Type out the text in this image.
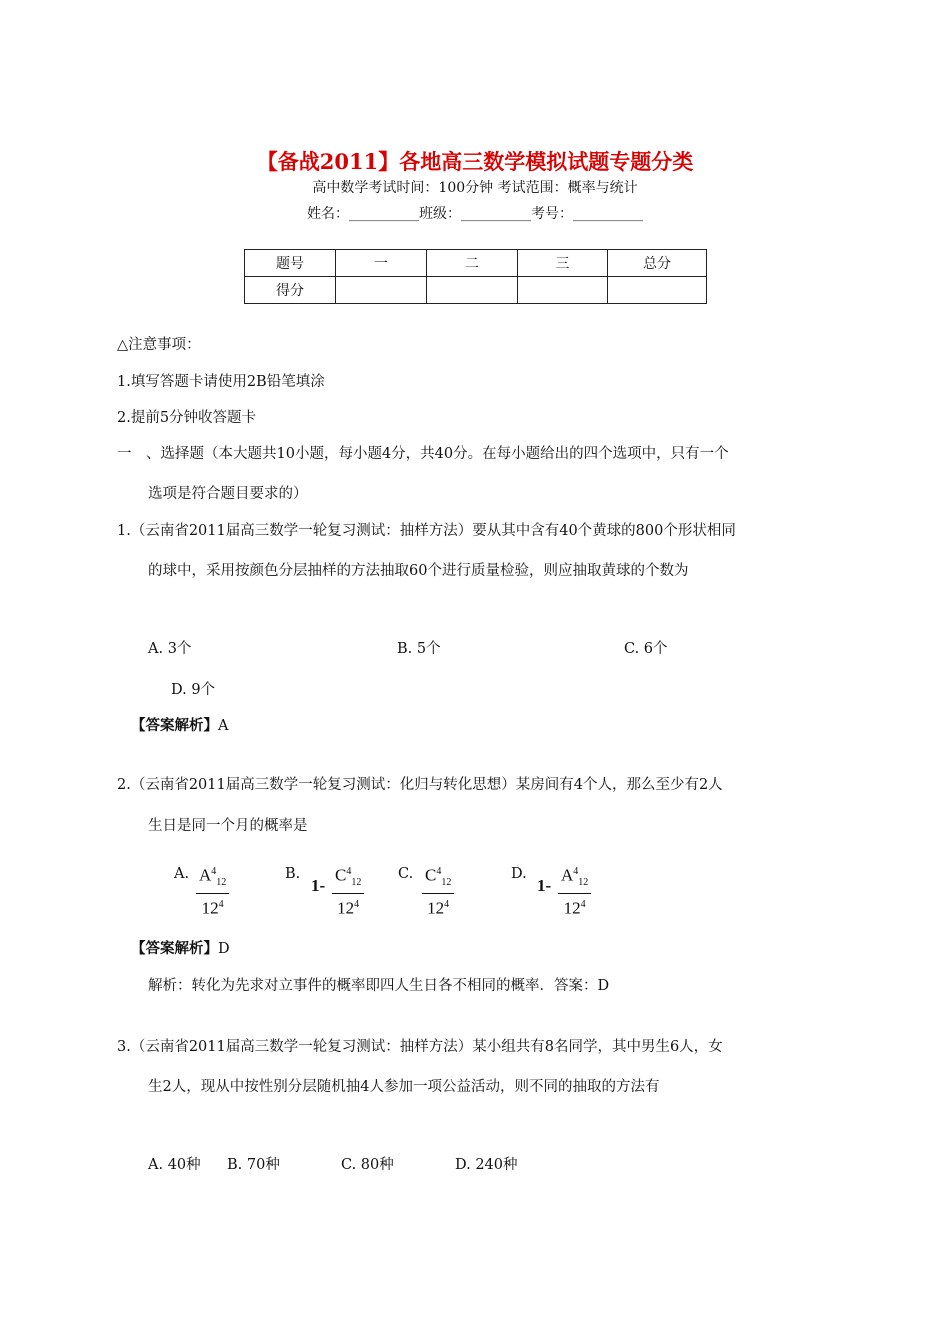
【备战2011】各地高三数学模拟试题专题分类
高中数学考试时间：100分钟 考试范围：概率与统计
姓名：__________班级：__________考号：__________
题号	一	二	三	总分
得分				
△注意事项：
1.填写答题卡请使用2B铅笔填涂
2.提前5分钟收答题卡
一　、选择题（本大题共10小题，每小题4分，共40分。在每小题给出的四个选项中，只有一个
选项是符合题目要求的）
1.（云南省2011届高三数学一轮复习测试：抽样方法）要从其中含有40个黄球的800个形状相同
的球中，采用按颜色分层抽样的方法抽取60个进行质量检验，则应抽取黄球的个数为
A. 3个	B. 5个	C. 6个
D. 9个
【答案解析】A
2.（云南省2011届高三数学一轮复习测试：化归与转化思想）某房间有4个人，那么至少有2人
生日是同一个月的概率是
A. $\frac{A^4_{12}}{12^4}$	B.
$1- \frac{C^4_{12}}{12^4} C$. $\frac{C^4_{12}}{12^4}$	D.
$1- \frac{A^4_{12}}{12^4}$
【答案解析】D
解析：转化为先求对立事件的概率即四人生日各不相同的概率．答案：D
3.（云南省2011届高三数学一轮复习测试：抽样方法）某小组共有8名同学，其中男生6人，女
生2人，现从中按性别分层随机抽4人参加一项公益活动，则不同的抽取的方法有
A. 40种 B. 70种	C. 80种	D. 240种
